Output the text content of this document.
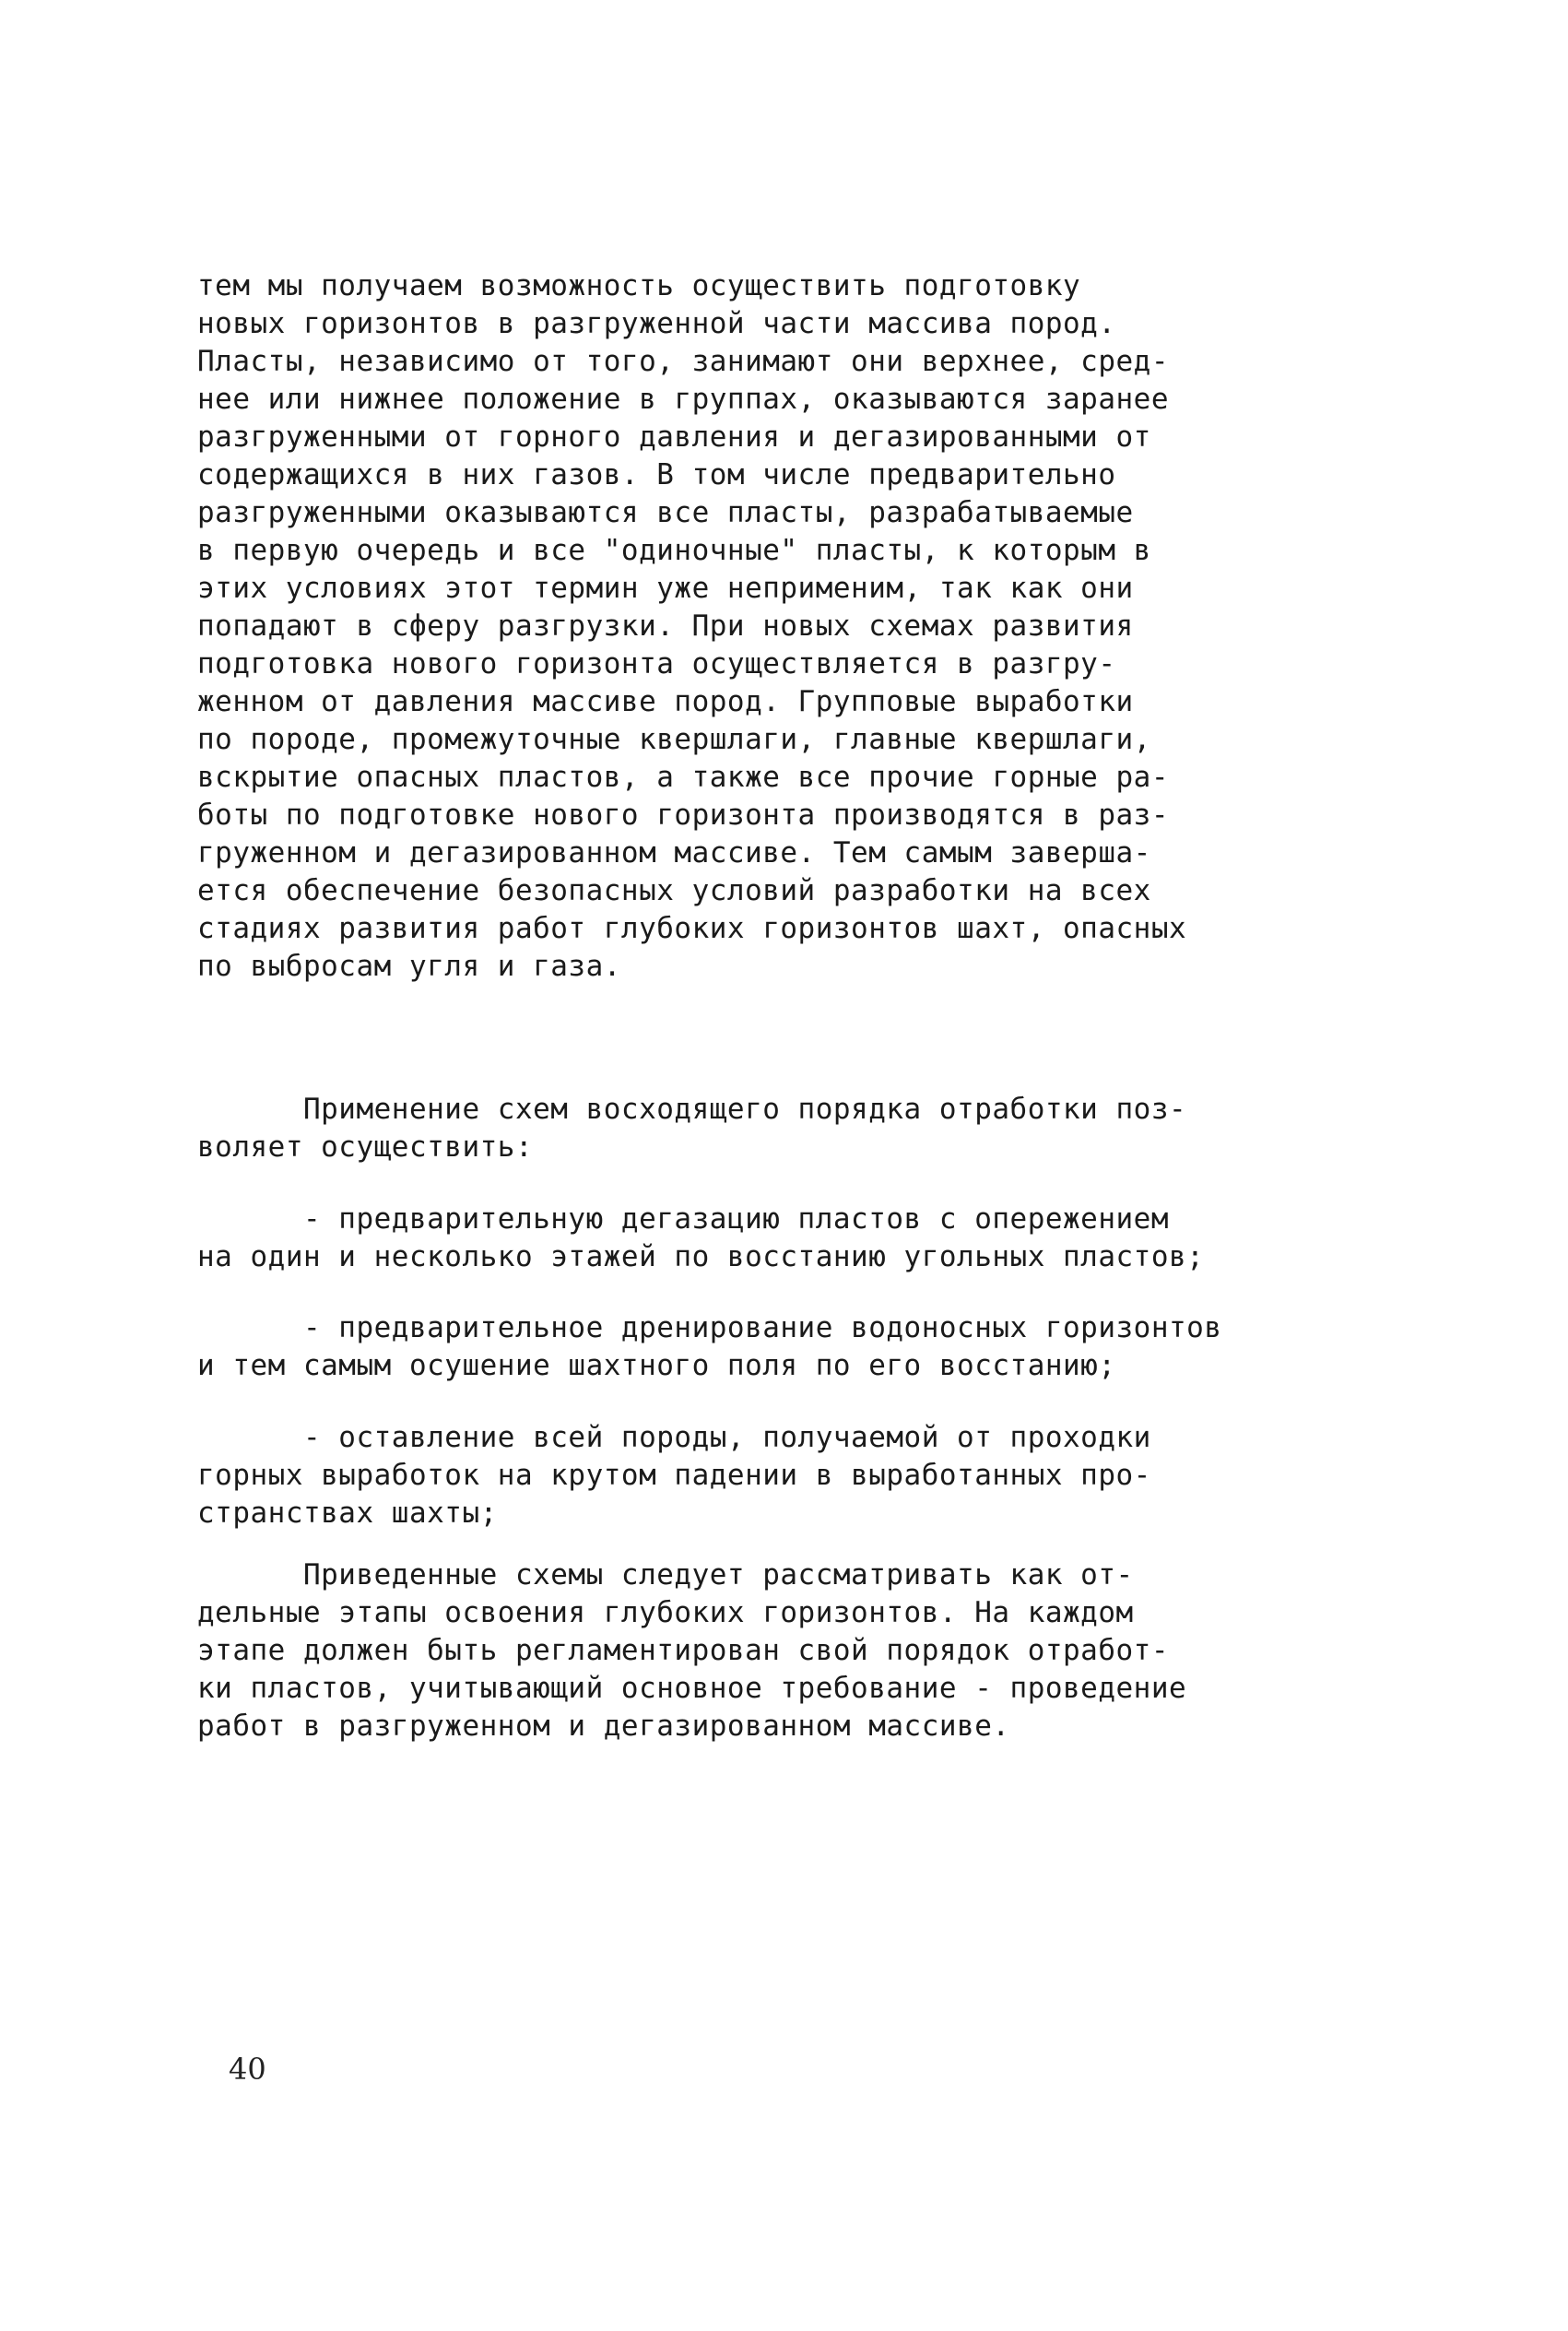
тем мы получаем возможность осуществить подготовку
новых горизонтов в разгруженной части массива пород.
Пласты, независимо от того, занимают они верхнее, сред-
нее или нижнее положение в группах, оказываются заранее
разгруженными от горного давления и дегазированными от
содержащихся в них газов. В том числе предварительно
разгруженными оказываются все пласты, разрабатываемые
в первую очередь и все "одиночные" пласты, к которым в
этих условиях этот термин уже неприменим, так как они
попадают в сферу разгрузки. При новых схемах развития
подготовка нового горизонта осуществляется в разгру-
женном от давления массиве пород. Групповые выработки
по породе, промежуточные квершлаги, главные квершлаги,
вскрытие опасных пластов, а также все прочие горные ра-
боты по подготовке нового горизонта производятся в раз-
груженном и дегазированном массиве. Тем самым заверша-
ется обеспечение безопасных условий разработки на всех
стадиях развития работ глубоких горизонтов шахт, опасных
по выбросам угля и газа.
Применение схем восходящего порядка отработки поз-
воляет осуществить:
- предварительную дегазацию пластов с опережением
на один и несколько этажей по восстанию угольных пластов;
- предварительное дренирование водоносных горизонтов
и тем самым осушение шахтного поля по его восстанию;
- оставление всей породы, получаемой от проходки
горных выработок на крутом падении в выработанных про-
странствах шахты;
Приведенные схемы следует рассматривать как от-
дельные этапы освоения глубоких горизонтов. На каждом
этапе должен быть регламентирован свой порядок отработ-
ки пластов, учитывающий основное требование - проведение
работ в разгруженном и дегазированном массиве.
40
